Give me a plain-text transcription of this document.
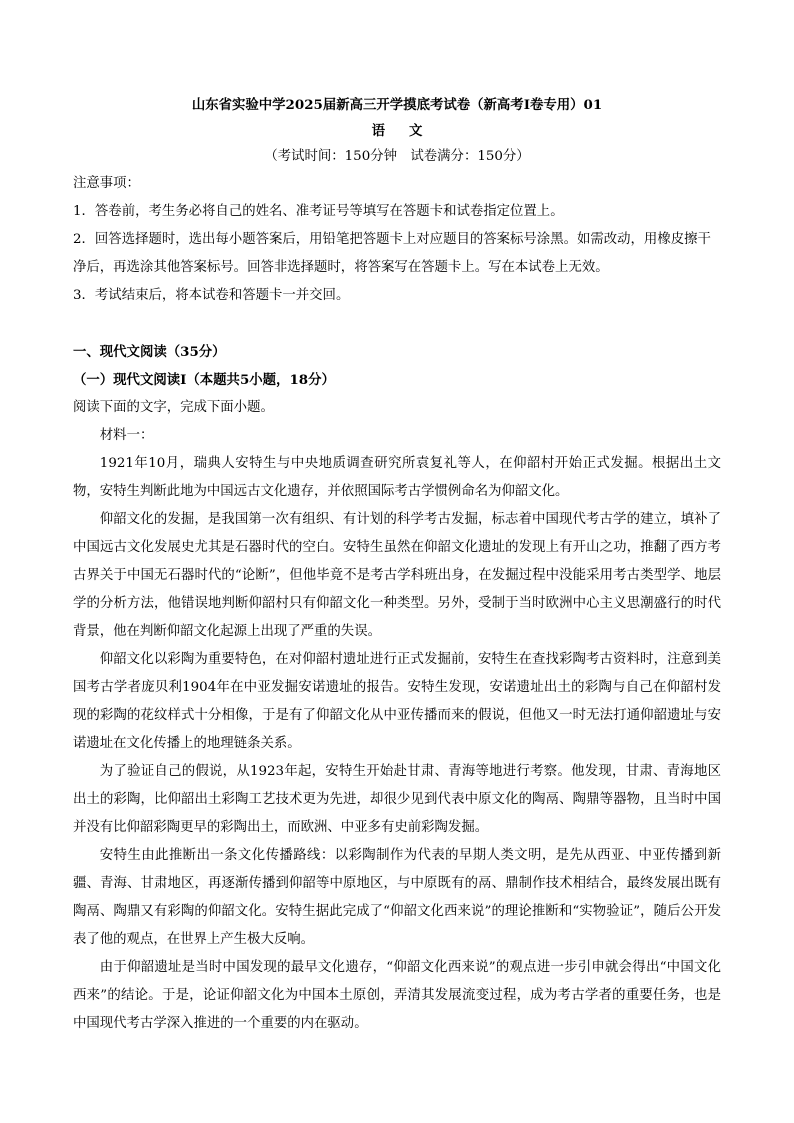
山东省实验中学2025届新高三开学摸底考试卷（新高考Ⅰ卷专用）01

语文

（考试时间：150分钟　试卷满分：150分）

注意事项：

1．答卷前，考生务必将自己的姓名、准考证号等填写在答题卡和试卷指定位置上。

2．回答选择题时，选出每小题答案后，用铅笔把答题卡上对应题目的答案标号涂黑。如需改动，用橡皮擦干净后，再选涂其他答案标号。回答非选择题时，将答案写在答题卡上。写在本试卷上无效。

3．考试结束后，将本试卷和答题卡一并交回。

一、现代文阅读（35分）

（一）现代文阅读Ⅰ（本题共5小题，18分）

阅读下面的文字，完成下面小题。

材料一：

1921年10月，瑞典人安特生与中央地质调查研究所袁复礼等人，在仰韶村开始正式发掘。根据出土文物，安特生判断此地为中国远古文化遗存，并依照国际考古学惯例命名为仰韶文化。

仰韶文化的发掘，是我国第一次有组织、有计划的科学考古发掘，标志着中国现代考古学的建立，填补了中国远古文化发展史尤其是石器时代的空白。安特生虽然在仰韶文化遗址的发现上有开山之功，推翻了西方考古界关于中国无石器时代的“论断”，但他毕竟不是考古学科班出身，在发掘过程中没能采用考古类型学、地层学的分析方法，他错误地判断仰韶村只有仰韶文化一种类型。另外，受制于当时欧洲中心主义思潮盛行的时代背景，他在判断仰韶文化起源上出现了严重的失误。

仰韶文化以彩陶为重要特色，在对仰韶村遗址进行正式发掘前，安特生在查找彩陶考古资料时，注意到美国考古学者庞贝利1904年在中亚发掘安诺遗址的报告。安特生发现，安诺遗址出土的彩陶与自己在仰韶村发现的彩陶的花纹样式十分相像，于是有了仰韶文化从中亚传播而来的假说，但他又一时无法打通仰韶遗址与安诺遗址在文化传播上的地理链条关系。

为了验证自己的假说，从1923年起，安特生开始赴甘肃、青海等地进行考察。他发现，甘肃、青海地区出土的彩陶，比仰韶出土彩陶工艺技术更为先进，却很少见到代表中原文化的陶鬲、陶鼎等器物，且当时中国并没有比仰韶彩陶更早的彩陶出土，而欧洲、中亚多有史前彩陶发掘。

安特生由此推断出一条文化传播路线：以彩陶制作为代表的早期人类文明，是先从西亚、中亚传播到新疆、青海、甘肃地区，再逐渐传播到仰韶等中原地区，与中原既有的鬲、鼎制作技术相结合，最终发展出既有陶鬲、陶鼎又有彩陶的仰韶文化。安特生据此完成了“仰韶文化西来说”的理论推断和“实物验证”，随后公开发表了他的观点，在世界上产生极大反响。

由于仰韶遗址是当时中国发现的最早文化遗存，“仰韶文化西来说”的观点进一步引申就会得出“中国文化西来”的结论。于是，论证仰韶文化为中国本土原创，弄清其发展流变过程，成为考古学者的重要任务，也是中国现代考古学深入推进的一个重要的内在驱动。
